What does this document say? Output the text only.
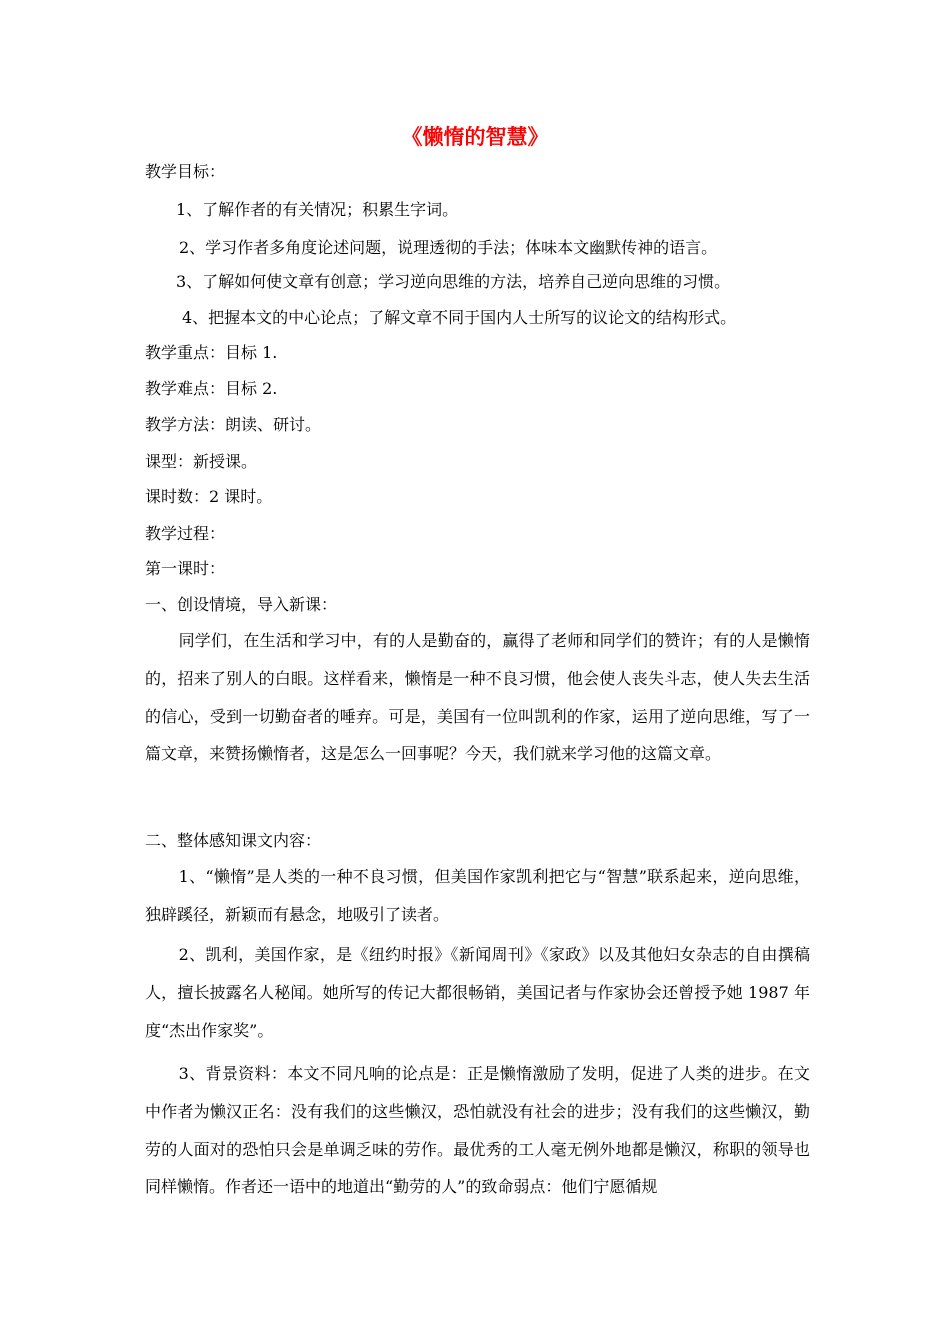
《懒惰的智慧》
教学目标：
1、了解作者的有关情况；积累生字词。
2、学习作者多角度论述问题，说理透彻的手法；体味本文幽默传神的语言。
3、了解如何使文章有创意；学习逆向思维的方法，培养自己逆向思维的习惯。
4、把握本文的中心论点；了解文章不同于国内人士所写的议论文的结构形式。
教学重点：目标 1.
教学难点：目标 2.
教学方法：朗读、研讨。
课型：新授课。
课时数：2 课时。
教学过程：
第一课时：
一、创设情境，导入新课：
同学们，在生活和学习中，有的人是勤奋的，赢得了老师和同学们的赞许；有的人是懒惰的，招来了别人的白眼。这样看来，懒惰是一种不良习惯，他会使人丧失斗志，使人失去生活的信心，受到一切勤奋者的唾弃。可是，美国有一位叫凯利的作家，运用了逆向思维，写了一篇文章，来赞扬懒惰者，这是怎么一回事呢？今天，我们就来学习他的这篇文章。
二、整体感知课文内容：
1、“懒惰”是人类的一种不良习惯，但美国作家凯利把它与“智慧”联系起来，逆向思维，独辟蹊径，新颖而有悬念，地吸引了读者。
2、凯利，美国作家，是《纽约时报》《新闻周刊》《家政》以及其他妇女杂志的自由撰稿人，擅长披露名人秘闻。她所写的传记大都很畅销，美国记者与作家协会还曾授予她 1987 年度“杰出作家奖”。
3、背景资料：本文不同凡响的论点是：正是懒惰激励了发明，促进了人类的进步。在文中作者为懒汉正名：没有我们的这些懒汉，恐怕就没有社会的进步；没有我们的这些懒汉，勤劳的人面对的恐怕只会是单调乏味的劳作。最优秀的工人毫无例外地都是懒汉，称职的领导也同样懒惰。作者还一语中的地道出“勤劳的人”的致命弱点：他们宁愿循规
